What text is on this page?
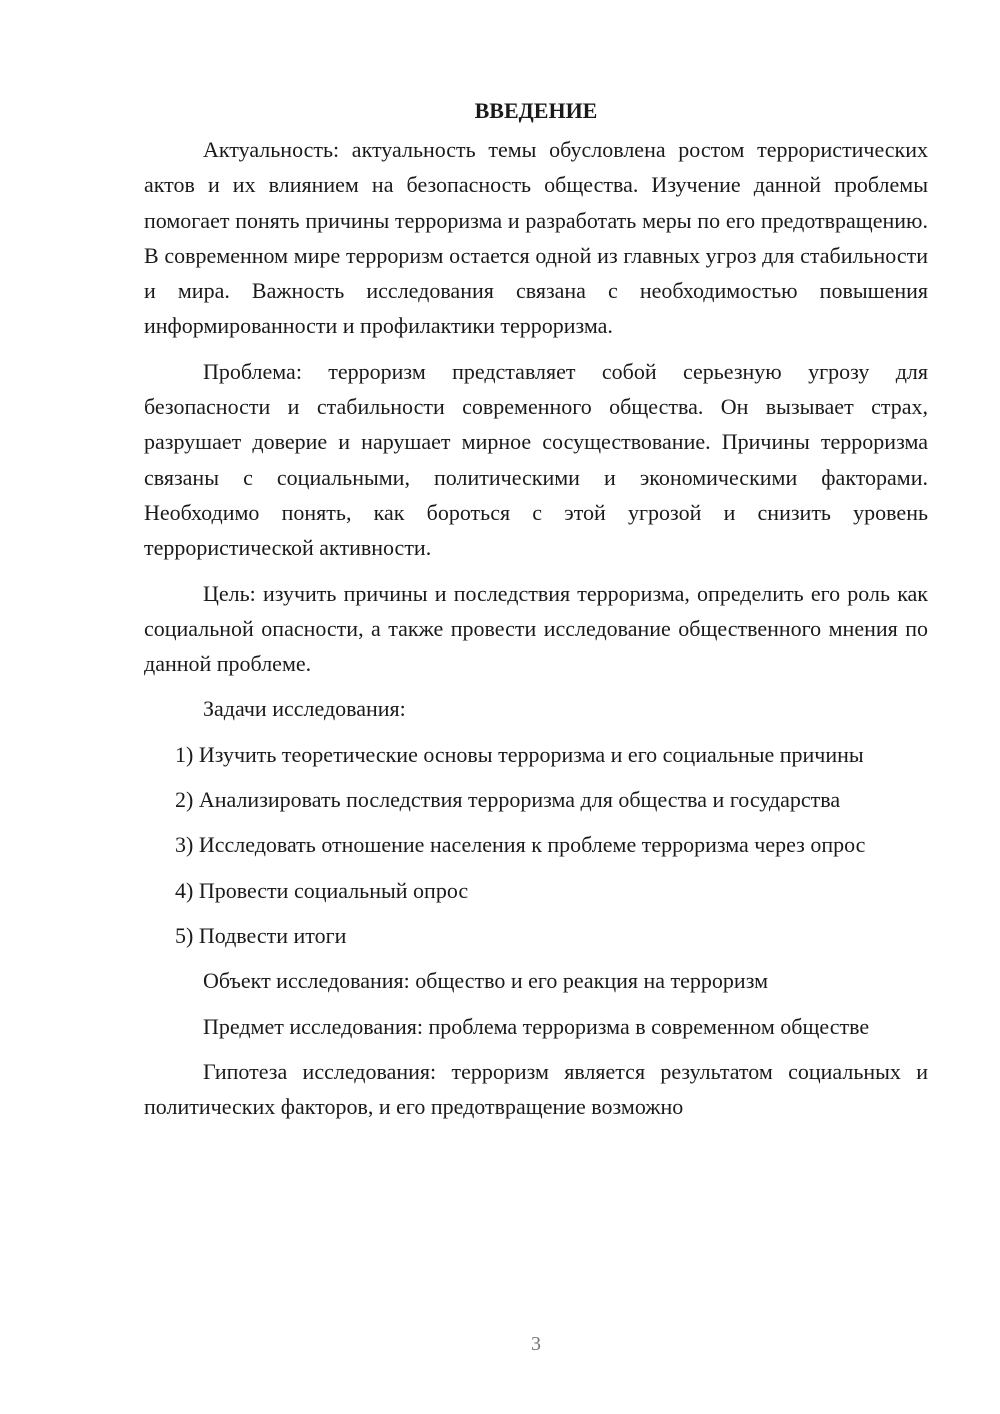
ВВЕДЕНИЕ

Актуальность: актуальность темы обусловлена ростом террористических актов и их влиянием на безопасность общества. Изучение данной проблемы помогает понять причины терроризма и разработать меры по его предотвращению. В современном мире терроризм остается одной из главных угроз для стабильности и мира. Важность исследования связана с необходимостью повышения информированности и профилактики терроризма.

Проблема: терроризм представляет собой серьезную угрозу для безопасности и стабильности современного общества. Он вызывает страх, разрушает доверие и нарушает мирное сосуществование. Причины терроризма связаны с социальными, политическими и экономическими факторами. Необходимо понять, как бороться с этой угрозой и снизить уровень террористической активности.

Цель: изучить причины и последствия терроризма, определить его роль как социальной опасности, а также провести исследование общественного мнения по данной проблеме.

Задачи исследования:

1) Изучить теоретические основы терроризма и его социальные причины

2) Анализировать последствия терроризма для общества и государства

3) Исследовать отношение населения к проблеме терроризма через опрос

4) Провести социальный опрос

5) Подвести итоги

Объект исследования: общество и его реакция на терроризм

Предмет исследования: проблема терроризма в современном обществе

Гипотеза исследования: терроризм является результатом социальных и политических факторов, и его предотвращение возможно

3
